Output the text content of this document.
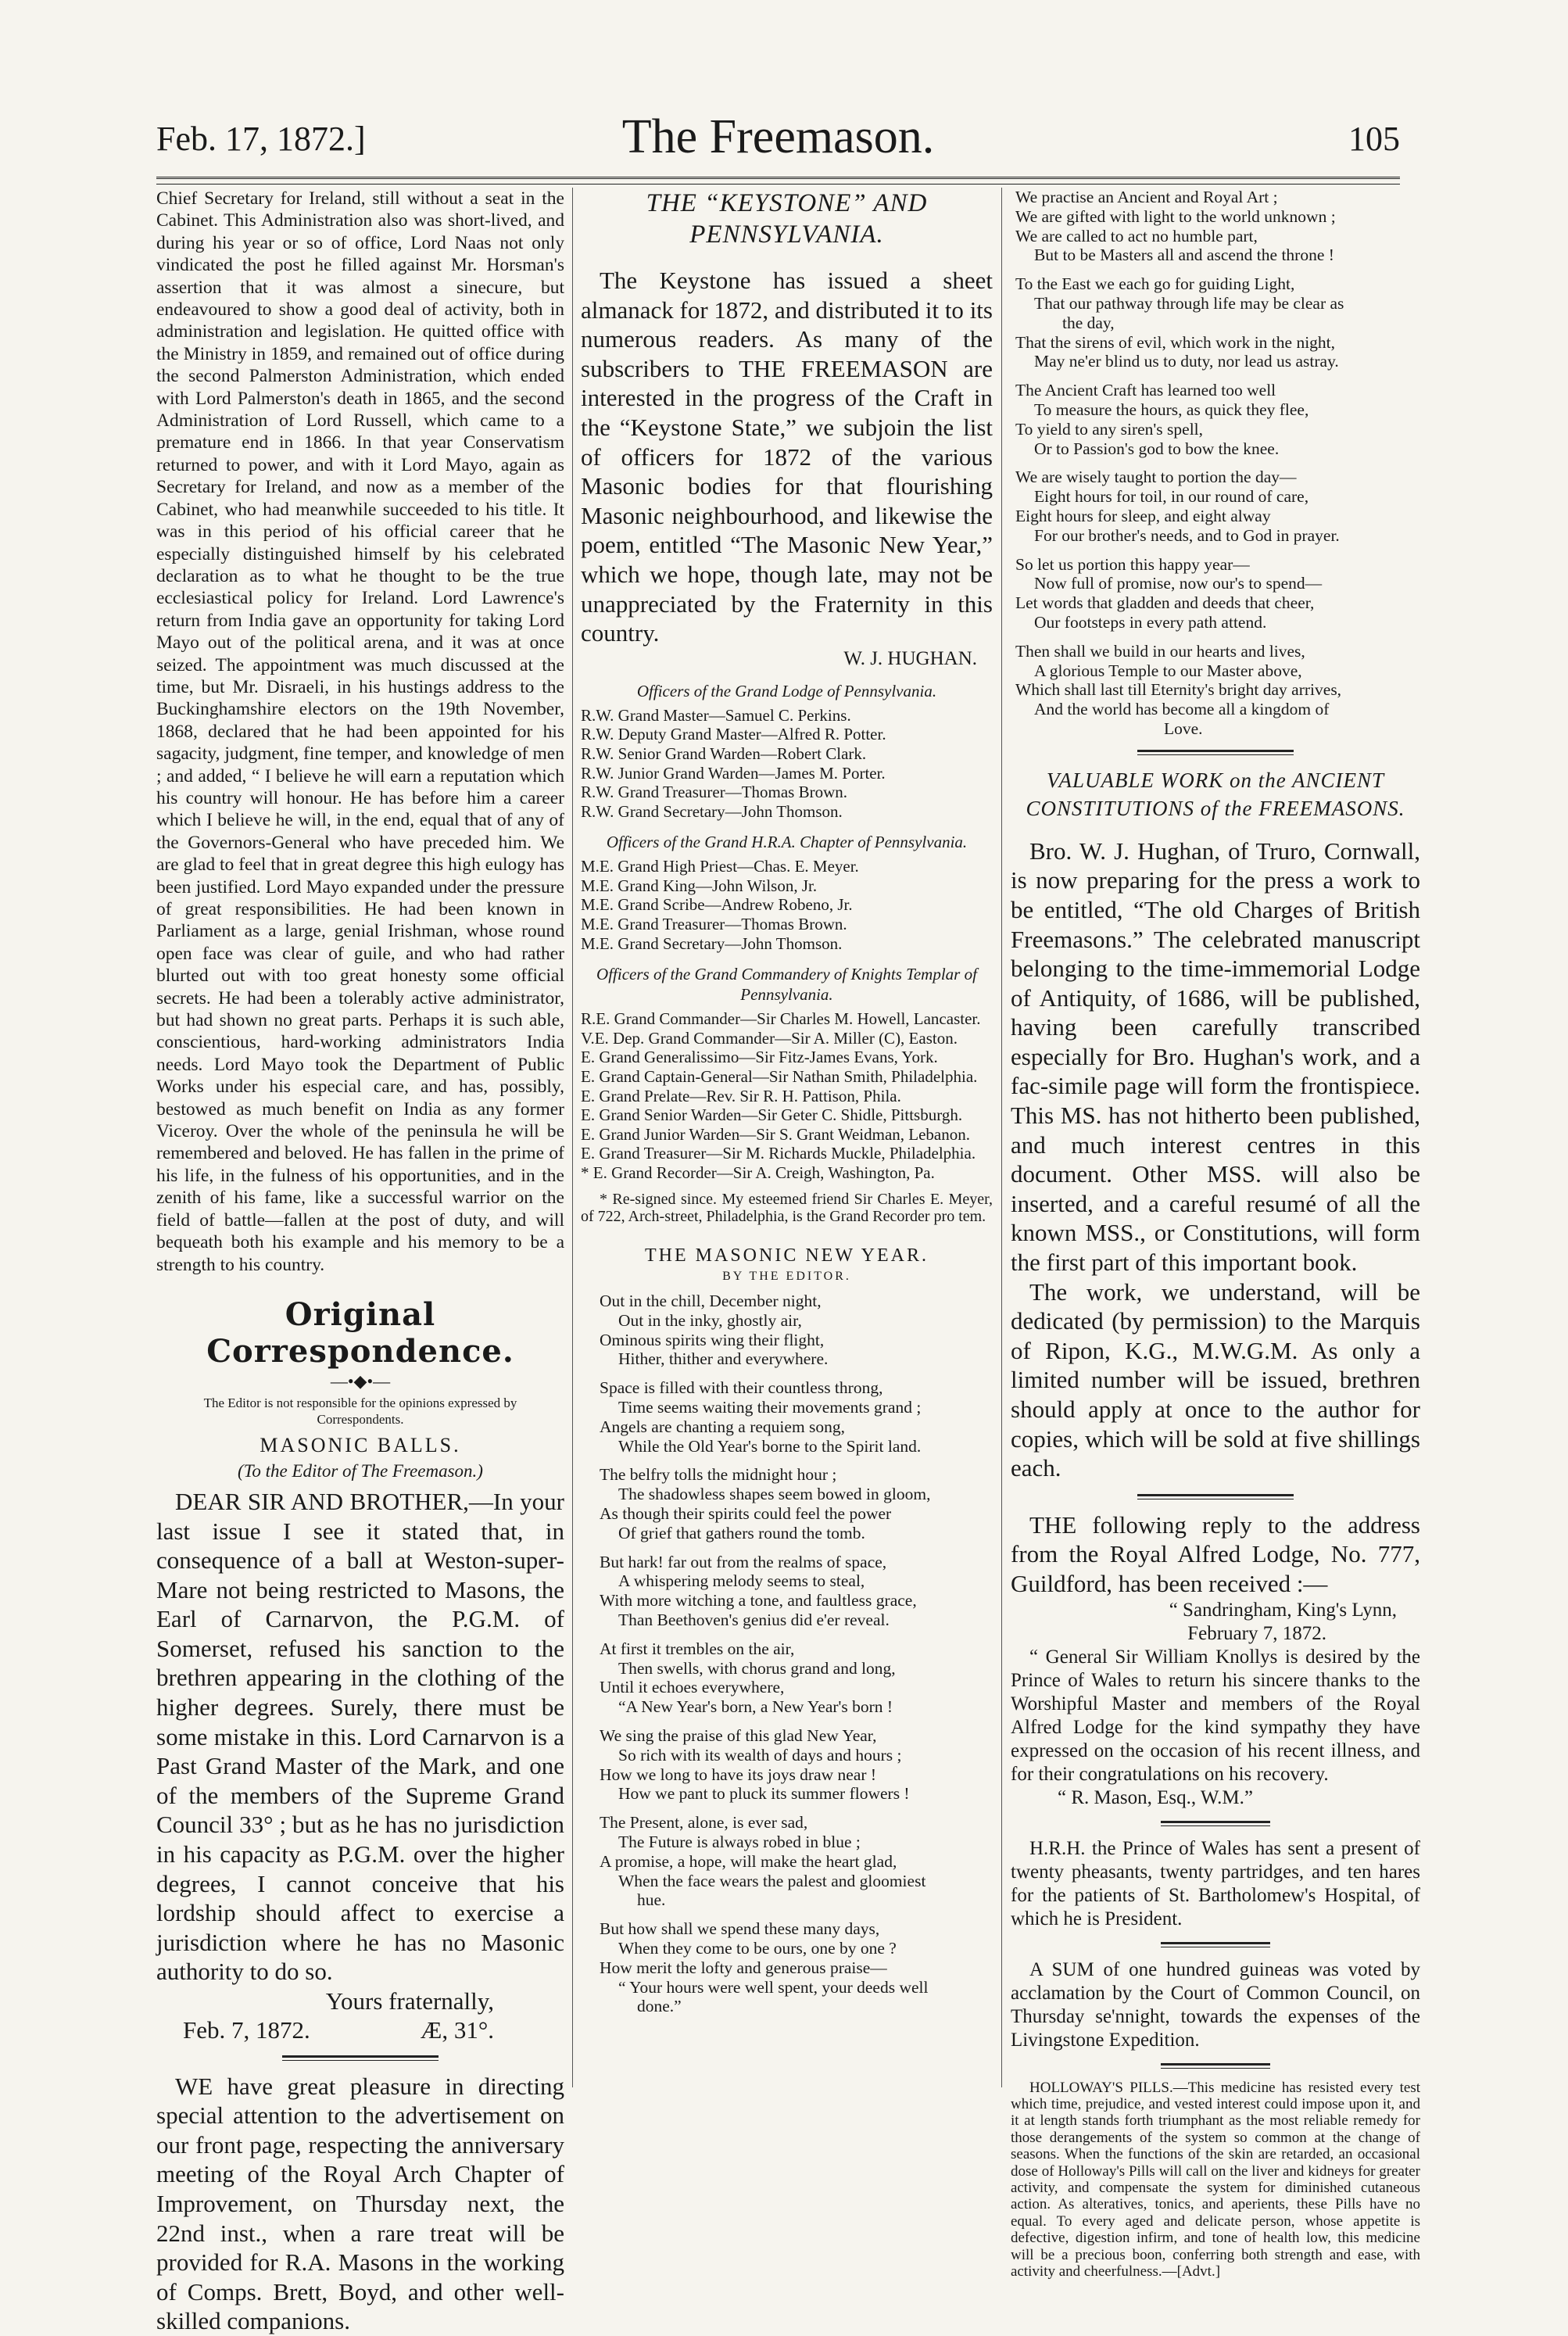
Feb. 17, 1872.]	The Freemason.	105

Chief Secretary for Ireland, still without a seat in the Cabinet. This Administration also was short-lived, and during his year or so of office, Lord Naas not only vindicated the post he filled against Mr. Horsman's assertion that it was almost a sinecure, but endeavoured to show a good deal of activity, both in administration and legislation. He quitted office with the Ministry in 1859, and remained out of office during the second Palmerston Administration, which ended with Lord Palmerston's death in 1865, and the second Administration of Lord Russell, which came to a premature end in 1866. In that year Conservatism returned to power, and with it Lord Mayo, again as Secretary for Ireland, and now as a member of the Cabinet, who had meanwhile succeeded to his title. It was in this period of his official career that he especially distinguished himself by his celebrated declaration as to what he thought to be the true ecclesiastical policy for Ireland. Lord Lawrence's return from India gave an opportunity for taking Lord Mayo out of the political arena, and it was at once seized. The appointment was much discussed at the time, but Mr. Disraeli, in his hustings address to the Buckinghamshire electors on the 19th November, 1868, declared that he had been appointed for his sagacity, judgment, fine temper, and knowledge of men ; and added, “ I believe he will earn a reputation which his country will honour. He has before him a career which I believe he will, in the end, equal that of any of the Governors-General who have preceded him. We are glad to feel that in great degree this high eulogy has been justified. Lord Mayo expanded under the pressure of great responsibilities. He had been known in Parliament as a large, genial Irishman, whose round open face was clear of guile, and who had rather blurted out with too great honesty some official secrets. He had been a tolerably active administrator, but had shown no great parts. Perhaps it is such able, conscientious, hard-working administrators India needs. Lord Mayo took the Department of Public Works under his especial care, and has, possibly, bestowed as much benefit on India as any former Viceroy. Over the whole of the peninsula he will be remembered and beloved. He has fallen in the prime of his life, in the fulness of his opportunities, and in the zenith of his fame, like a successful warrior on the field of battle—fallen at the post of duty, and will bequeath both his example and his memory to be a strength to his country.

Original Correspondence.
—•◆•—

The Editor is not responsible for the opinions expressed by Correspondents.

MASONIC BALLS.
(To the Editor of The Freemason.)

DEAR SIR AND BROTHER,—In your last issue I see it stated that, in consequence of a ball at Weston-super-Mare not being restricted to Masons, the Earl of Carnarvon, the P.G.M. of Somerset, refused his sanction to the brethren appearing in the clothing of the higher degrees. Surely, there must be some mistake in this. Lord Carnarvon is a Past Grand Master of the Mark, and one of the members of the Supreme Grand Council 33° ; but as he has no jurisdiction in his capacity as P.G.M. over the higher degrees, I cannot conceive that his lordship should affect to exercise a jurisdiction where he has no Masonic authority to do so.

Yours fraternally,

Feb. 7, 1872.	Æ, 31°.

WE have great pleasure in directing special attention to the advertisement on our front page, respecting the anniversary meeting of the Royal Arch Chapter of Improvement, on Thursday next, the 22nd inst., when a rare treat will be provided for R.A. Masons in the working of Comps. Brett, Boyd, and other well-skilled companions.

THE “KEYSTONE” AND PENNSYLVANIA.

The Keystone has issued a sheet almanack for 1872, and distributed it to its numerous readers. As many of the subscribers to THE FREEMASON are interested in the progress of the Craft in the “Keystone State,” we subjoin the list of officers for 1872 of the various Masonic bodies for that flourishing Masonic neighbourhood, and likewise the poem, entitled “The Masonic New Year,” which we hope, though late, may not be unappreciated by the Fraternity in this country.

W. J. HUGHAN.
Officers of the Grand Lodge of Pennsylvania.

R.W. Grand Master—Samuel C. Perkins.

R.W. Deputy Grand Master—Alfred R. Potter.

R.W. Senior Grand Warden—Robert Clark.

R.W. Junior Grand Warden—James M. Porter.

R.W. Grand Treasurer—Thomas Brown.

R.W. Grand Secretary—John Thomson.

Officers of the Grand H.R.A. Chapter of Pennsylvania.

M.E. Grand High Priest—Chas. E. Meyer.

M.E. Grand King—John Wilson, Jr.

M.E. Grand Scribe—Andrew Robeno, Jr.

M.E. Grand Treasurer—Thomas Brown.

M.E. Grand Secretary—John Thomson.

Officers of the Grand Commandery of Knights Templar of Pennsylvania.

R.E. Grand Commander—Sir Charles M. Howell, Lancaster.

V.E. Dep. Grand Commander—Sir A. Miller (C), Easton.

E. Grand Generalissimo—Sir Fitz-James Evans, York.

E. Grand Captain-General—Sir Nathan Smith, Philadelphia.

E. Grand Prelate—Rev. Sir R. H. Pattison, Phila.

E. Grand Senior Warden—Sir Geter C. Shidle, Pittsburgh.

E. Grand Junior Warden—Sir S. Grant Weidman, Lebanon.

E. Grand Treasurer—Sir M. Richards Muckle, Philadelphia.

* E. Grand Recorder—Sir A. Creigh, Washington, Pa.

* Re-signed since. My esteemed friend Sir Charles E. Meyer, of 722, Arch-street, Philadelphia, is the Grand Recorder pro tem.

THE MASONIC NEW YEAR.
BY THE EDITOR.
Out in the chill, December night,
Out in the inky, ghostly air,
Ominous spirits wing their flight,
Hither, thither and everywhere.
Space is filled with their countless throng,
Time seems waiting their movements grand ;
Angels are chanting a requiem song,
While the Old Year's borne to the Spirit land.
The belfry tolls the midnight hour ;
The shadowless shapes seem bowed in gloom,
As though their spirits could feel the power
Of grief that gathers round the tomb.
But hark! far out from the realms of space,
A whispering melody seems to steal,
With more witching a tone, and faultless grace,
Than Beethoven's genius did e'er reveal.
At first it trembles on the air,
Then swells, with chorus grand and long,
Until it echoes everywhere,
“A New Year's born, a New Year's born !
We sing the praise of this glad New Year,
So rich with its wealth of days and hours ;
How we long to have its joys draw near !
How we pant to pluck its summer flowers !
The Present, alone, is ever sad,
The Future is always robed in blue ;
A promise, a hope, will make the heart glad,
When the face wears the palest and gloomiest
hue.
But how shall we spend these many days,
When they come to be ours, one by one ?
How merit the lofty and generous praise—
“ Your hours were well spent, your deeds well
done.”
We practise an Ancient and Royal Art ;
We are gifted with light to the world unknown ;
We are called to act no humble part,
But to be Masters all and ascend the throne !
To the East we each go for guiding Light,
That our pathway through life may be clear as
the day,
That the sirens of evil, which work in the night,
May ne'er blind us to duty, nor lead us astray.
The Ancient Craft has learned too well
To measure the hours, as quick they flee,
To yield to any siren's spell,
Or to Passion's god to bow the knee.
We are wisely taught to portion the day—
Eight hours for toil, in our round of care,
Eight hours for sleep, and eight alway
For our brother's needs, and to God in prayer.
So let us portion this happy year—
Now full of promise, now our's to spend—
Let words that gladden and deeds that cheer,
Our footsteps in every path attend.
Then shall we build in our hearts and lives,
A glorious Temple to our Master above,
Which shall last till Eternity's bright day arrives,
And the world has become all a kingdom of
Love.
VALUABLE WORK on the ANCIENT CONSTITUTIONS of the FREEMASONS.

Bro. W. J. Hughan, of Truro, Cornwall, is now preparing for the press a work to be entitled, “The old Charges of British Freemasons.” The celebrated manuscript belonging to the time-immemorial Lodge of Antiquity, of 1686, will be published, having been carefully transcribed especially for Bro. Hughan's work, and a fac-simile page will form the frontispiece. This MS. has not hitherto been published, and much interest centres in this document. Other MSS. will also be inserted, and a careful resumé of all the known MSS., or Constitutions, will form the first part of this important book.

The work, we understand, will be dedicated (by permission) to the Marquis of Ripon, K.G., M.W.G.M. As only a limited number will be issued, brethren should apply at once to the author for copies, which will be sold at five shillings each.

THE following reply to the address from the Royal Alfred Lodge, No. 777, Guildford, has been received :—

“ Sandringham, King's Lynn,

February 7, 1872.

“ General Sir William Knollys is desired by the Prince of Wales to return his sincere thanks to the Worshipful Master and members of the Royal Alfred Lodge for the kind sympathy they have expressed on the occasion of his recent illness, and for their congratulations on his recovery.

“ R. Mason, Esq., W.M.”

H.R.H. the Prince of Wales has sent a present of twenty pheasants, twenty partridges, and ten hares for the patients of St. Bartholomew's Hospital, of which he is President.

A SUM of one hundred guineas was voted by acclamation by the Court of Common Council, on Thursday se'nnight, towards the expenses of the Livingstone Expedition.

HOLLOWAY'S PILLS.—This medicine has resisted every test which time, prejudice, and vested interest could impose upon it, and it at length stands forth triumphant as the most reliable remedy for those derangements of the system so common at the change of seasons. When the functions of the skin are retarded, an occasional dose of Holloway's Pills will call on the liver and kidneys for greater activity, and compensate the system for diminished cutaneous action. As alteratives, tonics, and aperients, these Pills have no equal. To every aged and delicate person, whose appetite is defective, digestion infirm, and tone of health low, this medicine will be a precious boon, conferring both strength and ease, with activity and cheerfulness.—[Advt.]
